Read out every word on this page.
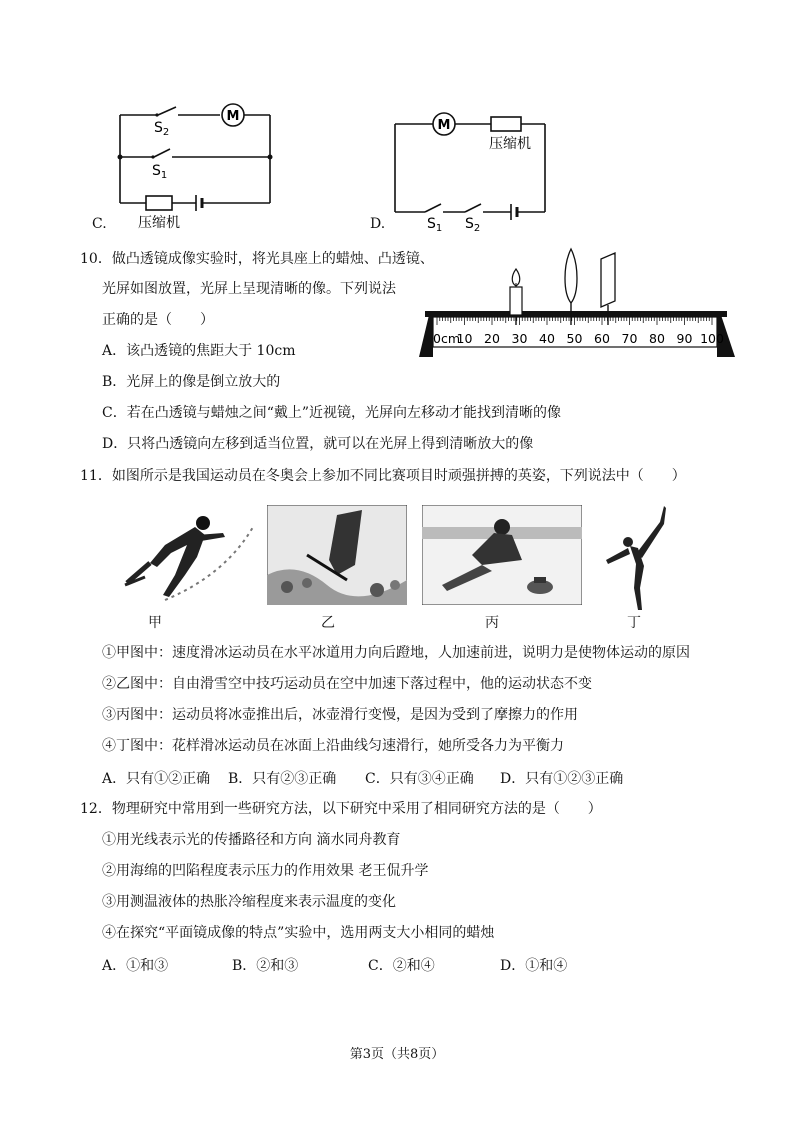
M
$S_2$
$S_1$
压缩机
C.
M
压缩机
$S_1$ $S_2$
D.
10．做凸透镜成像实验时，将光具座上的蜡烛、凸透镜、
光屏如图放置，光屏上呈现清晰的像。下列说法
正确的是（　　）
A．该凸透镜的焦距大于 10cm
B．光屏上的像是倒立放大的
C．若在凸透镜与蜡烛之间“戴上”近视镜，光屏向左移动才能找到清晰的像
D．只将凸透镜向左移到适当位置，就可以在光屏上得到清晰放大的像
0cm
10 20 30 40 50 60 70 80 90 100
11．如图所示是我国运动员在冬奥会上参加不同比赛项目时顽强拼搏的英姿，下列说法中（　　）
甲	乙	丙	丁
①甲图中：速度滑冰运动员在水平冰道用力向后蹬地，人加速前进，说明力是使物体运动的原因
②乙图中：自由滑雪空中技巧运动员在空中加速下落过程中，他的运动状态不变
③丙图中：运动员将冰壶推出后，冰壶滑行变慢，是因为受到了摩擦力的作用
④丁图中：花样滑冰运动员在冰面上沿曲线匀速滑行，她所受各力为平衡力
A．只有①②正确 B．只有②③正确 C．只有③④正确 D．只有①②③正确
12．物理研究中常用到一些研究方法，以下研究中采用了相同研究方法的是（　　）
①用光线表示光的传播路径和方向 滴水同舟教育
②用海绵的凹陷程度表示压力的作用效果 老王侃升学
③用测温液体的热胀冷缩程度来表示温度的变化
④在探究“平面镜成像的特点”实验中，选用两支大小相同的蜡烛
A．①和③	B．②和③	C．②和④	D．①和④
第3页（共8页）
